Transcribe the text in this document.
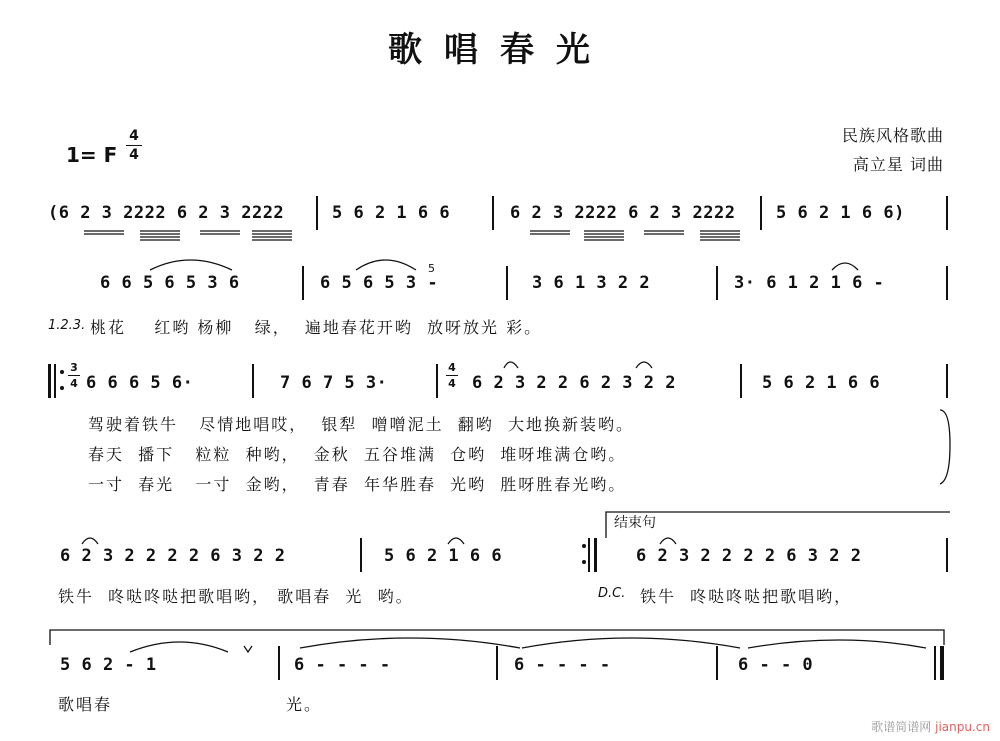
歌唱春光
1= F
4
4
民族风格歌曲
高立星 词曲
(6 2 3 2222 6 2 3 2222	5 6 2 1 6 6	6 2 3 2222 6 2 3 2222 5 6 2 1 6 6)
6 6 5 6 5 3 6	6 5 6 5 3 -
5
3 6 1 3 2 2	3· 6 1 2 1 6 -
1.2.3. 桃花    红哟 杨柳   绿，  遍地春花开哟  放呀放光 彩。
3
4 6 6 6 5 6·	7 6 7 5 3·
4
4 6 2 3 2 2 6 2 3 2 2	5 6 2 1 6 6
驾驶着铁牛   尽情地唱哎，  银犁  噌噌泥土  翻哟  大地换新装哟。
春天  播下   粒粒  种哟，  金秋  五谷堆满  仓哟  堆呀堆满仓哟。
一寸  春光   一寸  金哟，  青春  年华胜春  光哟  胜呀胜春光哟。
结束句
6 2 3 2 2 2 2 6 3 2 2	5 6 2 1 6 6	6 2 3 2 2 2 2 6 3 2 2
铁牛  咚哒咚哒把歌唱哟， 歌唱春  光  哟。	D.C. 铁牛  咚哒咚哒把歌唱哟，
5 6 2 - 1	6 - - - -	6 - - - -	6 - - 0
歌唱春	光。
歌谱简谱网 jianpu.cn
